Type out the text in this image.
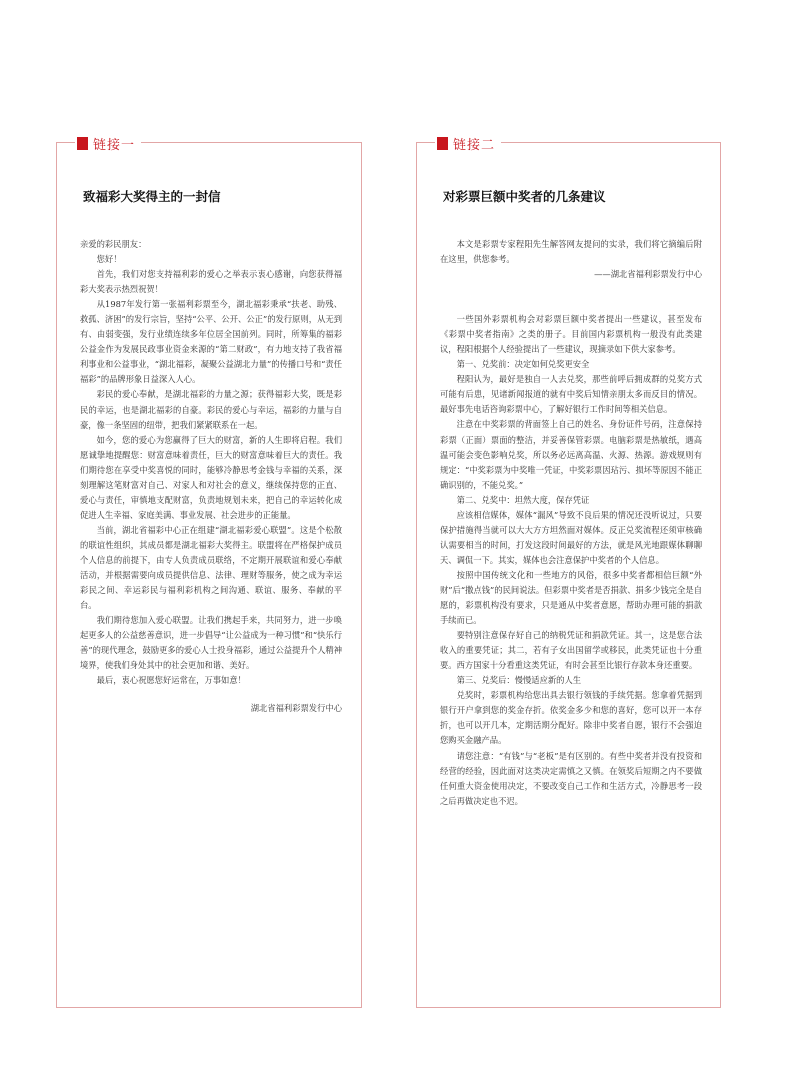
链接一
致福彩大奖得主的一封信

亲爱的彩民朋友：

您好！

首先，我们对您支持福利彩的爱心之举表示衷心感谢，向您获得福彩大奖表示热烈祝贺！

从1987年发行第一张福利彩票至今，湖北福彩秉承“扶老、助残、救孤、济困”的发行宗旨，坚持“公平、公开、公正”的发行原则，从无到有、由弱变强，发行业绩连续多年位居全国前列。同时，所筹集的福彩公益金作为发展民政事业资金来源的“第二财政”，有力地支持了我省福利事业和公益事业，“湖北福彩，凝聚公益湖北力量”的传播口号和“责任福彩”的品牌形象日益深入人心。

彩民的爱心奉献，是湖北福彩的力量之源；获得福彩大奖，既是彩民的幸运，也是湖北福彩的自豪。彩民的爱心与幸运，福彩的力量与自豪，像一条坚固的纽带，把我们紧紧联系在一起。

如今，您的爱心为您赢得了巨大的财富，新的人生即将启程。我们愿诚挚地提醒您：财富意味着责任，巨大的财富意味着巨大的责任。我们期待您在享受中奖喜悦的同时，能够冷静思考金钱与幸福的关系，深刻理解这笔财富对自己、对家人和对社会的意义，继续保持您的正直、爱心与责任，审慎地支配财富，负责地规划未来，把自己的幸运转化成促进人生幸福、家庭美满、事业发展、社会进步的正能量。

当前，湖北省福彩中心正在组建“湖北福彩爱心联盟”。这是个松散的联谊性组织，其成员都是湖北福彩大奖得主。联盟将在严格保护成员个人信息的前提下，由专人负责成员联络，不定期开展联谊和爱心奉献活动，并根据需要向成员提供信息、法律、理财等服务，使之成为幸运彩民之间、幸运彩民与福利彩机构之间沟通、联谊、服务、奉献的平台。

我们期待您加入爱心联盟。让我们携起手来，共同努力，进一步唤起更多人的公益慈善意识，进一步倡导“让公益成为一种习惯”和“快乐行善”的现代理念，鼓励更多的爱心人士投身福彩，通过公益提升个人精神境界，使我们身处其中的社会更加和谐、美好。

最后，衷心祝愿您好运常在，万事如意！

湖北省福利彩票发行中心

链接二
对彩票巨额中奖者的几条建议

本文是彩票专家程阳先生解答网友提问的实录，我们将它摘编后附在这里，供您参考。

——湖北省福利彩票发行中心

一些国外彩票机构会对彩票巨额中奖者提出一些建议，甚至发布《彩票中奖者指南》之类的册子。目前国内彩票机构一般没有此类建议，程阳根据个人经验提出了一些建议，现摘录如下供大家参考。

第一、兑奖前：决定如何兑奖更安全

程阳认为，最好是独自一人去兑奖，那些前呼后拥成群的兑奖方式可能有后患，见诸新闻报道的就有中奖后知情亲朋太多而反目的情况。最好事先电话咨询彩票中心，了解好银行工作时间等相关信息。

注意在中奖彩票的背面签上自己的姓名、身份证件号码，注意保持彩票（正面）票面的整洁，并妥善保管彩票。电脑彩票是热敏纸，遇高温可能会变色影响兑奖，所以务必远离高温、火源、热源。游戏规则有规定：“中奖彩票为中奖唯一凭证，中奖彩票因玷污、损坏等原因不能正确识别的，不能兑奖。”

第二、兑奖中：坦然大度，保存凭证

应该相信媒体，媒体“漏风”导致不良后果的情况还没听说过，只要保护措施得当就可以大大方方坦然面对媒体。反正兑奖流程还须审核确认需要相当的时间，打发这段时间最好的方法，就是风光地跟媒体聊聊天、调侃一下。其实，媒体也会注意保护中奖者的个人信息。

按照中国传统文化和一些地方的风俗，很多中奖者都相信巨额“外财”后“撒点钱”的民间说法。但彩票中奖者是否捐款、捐多少钱完全是自愿的，彩票机构没有要求，只是通从中奖者意愿，帮助办理可能的捐款手续而已。

要特别注意保存好自己的纳税凭证和捐款凭证。其一，这是您合法收入的重要凭证；其二，若有子女出国留学或移民，此类凭证也十分重要。西方国家十分看重这类凭证，有时会甚至比银行存款本身还重要。

第三、兑奖后：慢慢适应新的人生

兑奖时，彩票机构给您出具去银行领钱的手续凭据。您拿着凭据到银行开户拿到您的奖金存折。依奖金多少和您的喜好，您可以开一本存折，也可以开几本，定期活期分配好。除非中奖者自愿，银行不会强迫您购买金融产品。

请您注意：“有钱”与“老板”是有区别的。有些中奖者并没有投资和经营的经验，因此面对这类决定需慎之又慎。在领奖后短期之内不要做任何重大资金使用决定，不要改变自己工作和生活方式，冷静思考一段之后再做决定也不迟。
